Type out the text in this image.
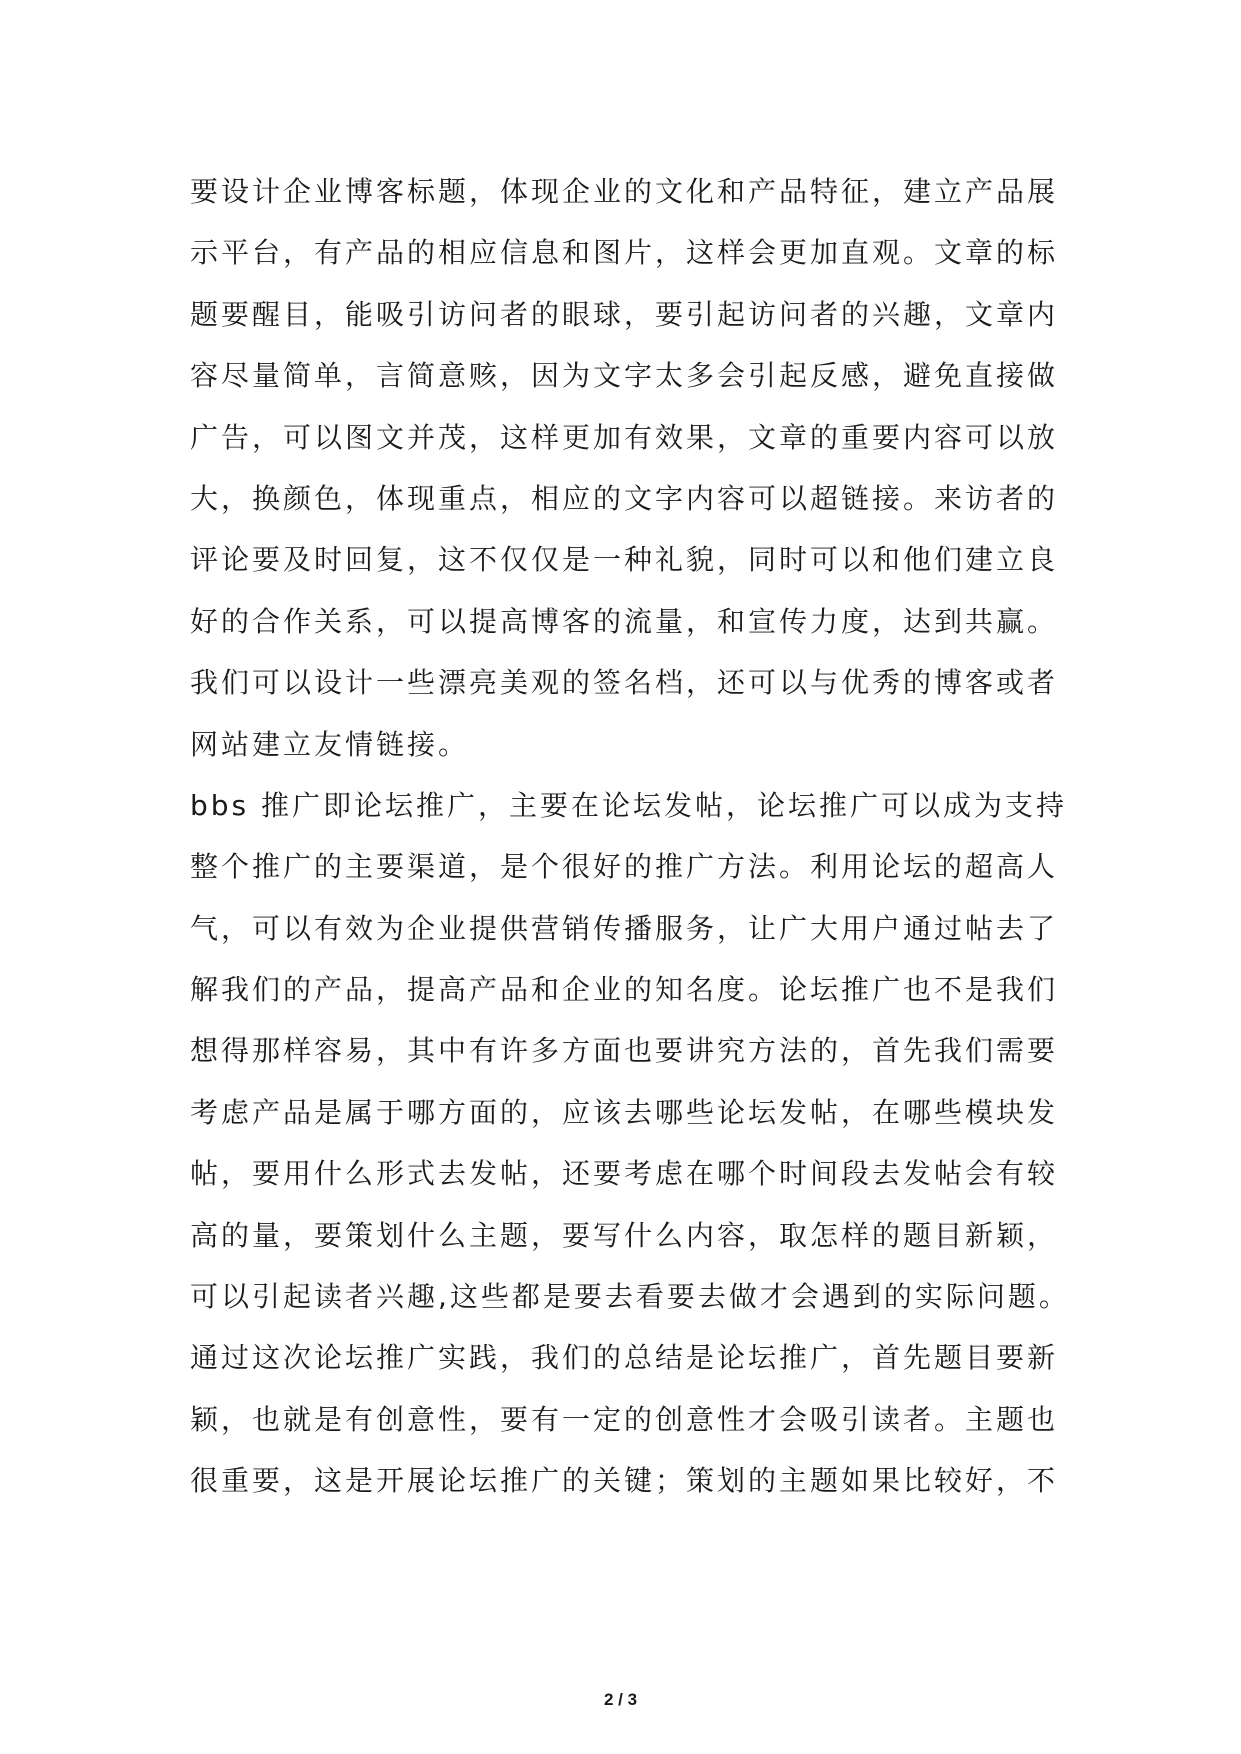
要设计企业博客标题，体现企业的文化和产品特征，建立产品展
示平台，有产品的相应信息和图片，这样会更加直观。文章的标
题要醒目，能吸引访问者的眼球，要引起访问者的兴趣，文章内
容尽量简单，言简意赅，因为文字太多会引起反感，避免直接做
广告，可以图文并茂，这样更加有效果，文章的重要内容可以放
大，换颜色，体现重点，相应的文字内容可以超链接。来访者的
评论要及时回复，这不仅仅是一种礼貌，同时可以和他们建立良
好的合作关系，可以提高博客的流量，和宣传力度，达到共赢。
我们可以设计一些漂亮美观的签名档，还可以与优秀的博客或者
网站建立友情链接。
bbs 推广即论坛推广，主要在论坛发帖，论坛推广可以成为支持
整个推广的主要渠道，是个很好的推广方法。利用论坛的超高人
气，可以有效为企业提供营销传播服务，让广大用户通过帖去了
解我们的产品，提高产品和企业的知名度。论坛推广也不是我们
想得那样容易，其中有许多方面也要讲究方法的，首先我们需要
考虑产品是属于哪方面的，应该去哪些论坛发帖，在哪些模块发
帖，要用什么形式去发帖，还要考虑在哪个时间段去发帖会有较
高的量，要策划什么主题，要写什么内容，取怎样的题目新颖，
可以引起读者兴趣,这些都是要去看要去做才会遇到的实际问题。
通过这次论坛推广实践，我们的总结是论坛推广，首先题目要新
颖，也就是有创意性，要有一定的创意性才会吸引读者。主题也
很重要，这是开展论坛推广的关键；策划的主题如果比较好，不
2 / 3
